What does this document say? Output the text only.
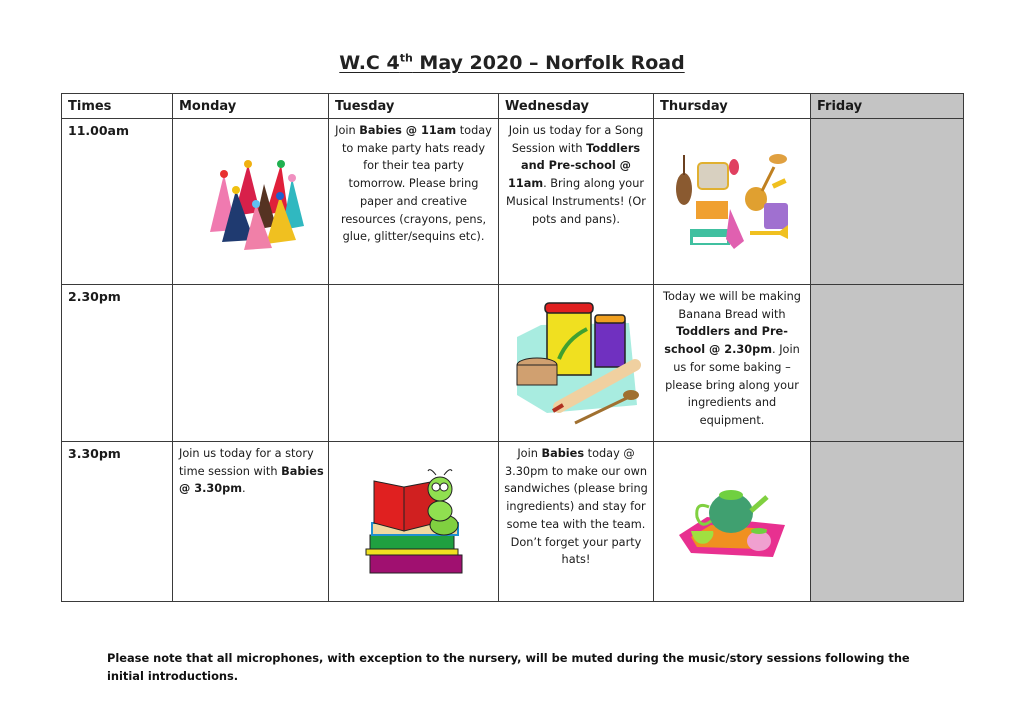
W.C 4th May 2020 – Norfolk Road
Times	Monday	Tuesday	Wednesday	Thursday	Friday
11.00am		Join Babies @ 11am today to make party hats ready for their tea party tomorrow. Please bring paper and creative resources (crayons, pens, glue, glitter/sequins etc).	Join us today for a Song Session with Toddlers and Pre-school @ 11am. Bring along your Musical Instruments! (Or pots and pans).	

2.30pm				Today we will be making Banana Bread with Toddlers and Pre-school @ 2.30pm. Join us for some baking – please bring along your ingredients and equipment.	
3.30pm	Join us today for a story time session with Babies @ 3.30pm.		Join Babies today @ 3.30pm to make our own sandwiches (please bring ingredients) and stay for some tea with the team. Don’t forget your party hats!	

Please note that all microphones, with exception to the nursery, will be muted during the music/story sessions following the initial introductions.
